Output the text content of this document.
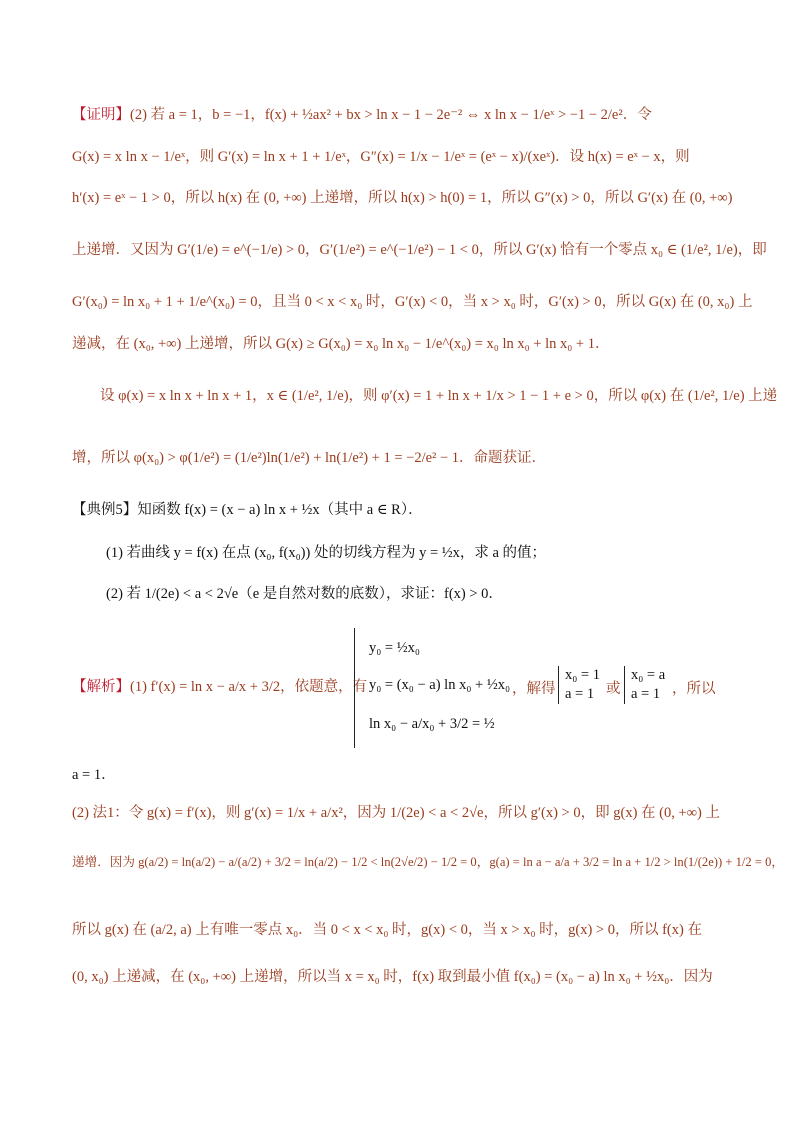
【证明】(2) 若 a = 1，b = −1，f(x) + ½ax² + bx > ln x − 1 − 2e⁻² ⇔ x ln x − 1/eˣ > −1 − 2/e²．令
G(x) = x ln x − 1/eˣ，则 G′(x) = ln x + 1 + 1/eˣ，G″(x) = 1/x − 1/eˣ = (eˣ − x)/(xeˣ)．设 h(x) = eˣ − x，则
h′(x) = eˣ − 1 > 0，所以 h(x) 在 (0, +∞) 上递增，所以 h(x) > h(0) = 1，所以 G″(x) > 0，所以 G′(x) 在 (0, +∞)
上递增．又因为 G′(1/e) = e^(−1/e) > 0，G′(1/e²) = e^(−1/e²) − 1 < 0，所以 G′(x) 恰有一个零点 x₀ ∈ (1/e², 1/e)，即
G′(x₀) = ln x₀ + 1 + 1/e^(x₀) = 0，且当 0 < x < x₀ 时，G′(x) < 0，当 x > x₀ 时，G′(x) > 0，所以 G(x) 在 (0, x₀) 上
递减，在 (x₀, +∞) 上递增，所以 G(x) ≥ G(x₀) = x₀ ln x₀ − 1/e^(x₀) = x₀ ln x₀ + ln x₀ + 1．
设 φ(x) = x ln x + ln x + 1，x ∈ (1/e², 1/e)，则 φ′(x) = 1 + ln x + 1/x > 1 − 1 + e > 0，所以 φ(x) 在 (1/e², 1/e) 上递
增，所以 φ(x₀) > φ(1/e²) = (1/e²)ln(1/e²) + ln(1/e²) + 1 = −2/e² − 1．命题获证．
【典例5】知函数 f(x) = (x − a) ln x + ½x（其中 a ∈ R）．
(1) 若曲线 y = f(x) 在点 (x₀, f(x₀)) 处的切线方程为 y = ½x，求 a 的值；
(2) 若 1/(2e) < a < 2√e（e 是自然对数的底数），求证：f(x) > 0．
【解析】(1) f′(x) = ln x − a/x + 3/2，依题意，有
y₀ = ½x₀
y₀ = (x₀ − a) ln x₀ + ½x₀
ln x₀ − a/x₀ + 3/2 = ½
，解得
x₀ = 1
a = 1 或
x₀ = a
a = 1 ，所以
a = 1．
(2) 法1：令 g(x) = f′(x)，则 g′(x) = 1/x + a/x²，因为 1/(2e) < a < 2√e，所以 g′(x) > 0，即 g(x) 在 (0, +∞) 上
递增．因为 g(a/2) = ln(a/2) − a/(a/2) + 3/2 = ln(a/2) − 1/2 < ln(2√e/2) − 1/2 = 0，g(a) = ln a − a/a + 3/2 = ln a + 1/2 > ln(1/(2e)) + 1/2 = 0，
所以 g(x) 在 (a/2, a) 上有唯一零点 x₀．当 0 < x < x₀ 时，g(x) < 0，当 x > x₀ 时，g(x) > 0，所以 f(x) 在
(0, x₀) 上递减，在 (x₀, +∞) 上递增，所以当 x = x₀ 时，f(x) 取到最小值 f(x₀) = (x₀ − a) ln x₀ + ½x₀．因为
